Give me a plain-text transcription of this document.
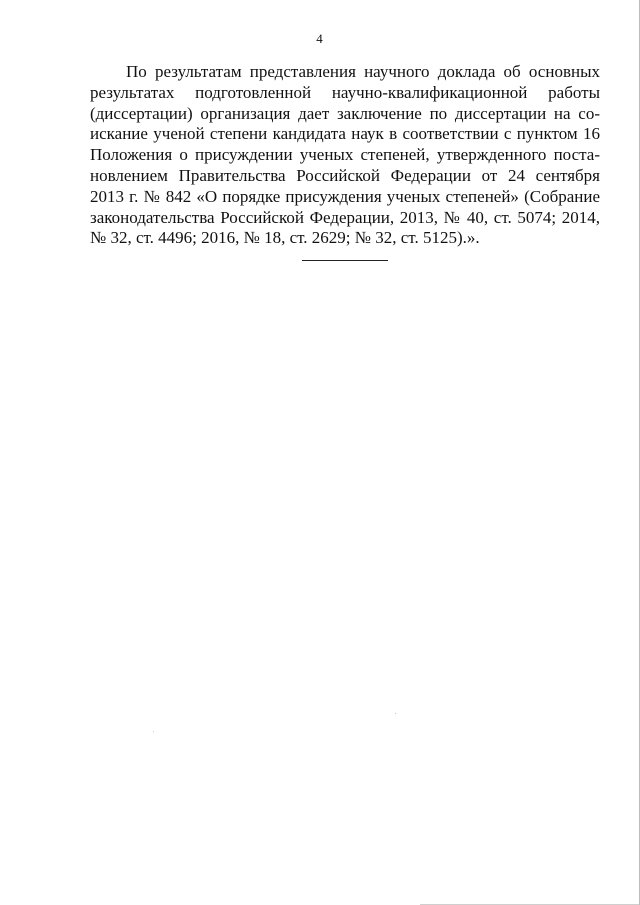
4
По результатам представления научного доклада об основных
результатах подготовленной научно-квалификационной работы
(диссертации) организация дает заключение по диссертации на со-
искание ученой степени кандидата наук в соответствии с пунктом 16
Положения о присуждении ученых степеней, утвержденного поста-
новлением Правительства Российской Федерации от 24 сентября
2013 г. № 842 «О порядке присуждения ученых степеней» (Собрание
законодательства Российской Федерации, 2013, № 40, ст. 5074; 2014,
№ 32, ст. 4496; 2016, № 18, ст. 2629; № 32, ст. 5125).».
